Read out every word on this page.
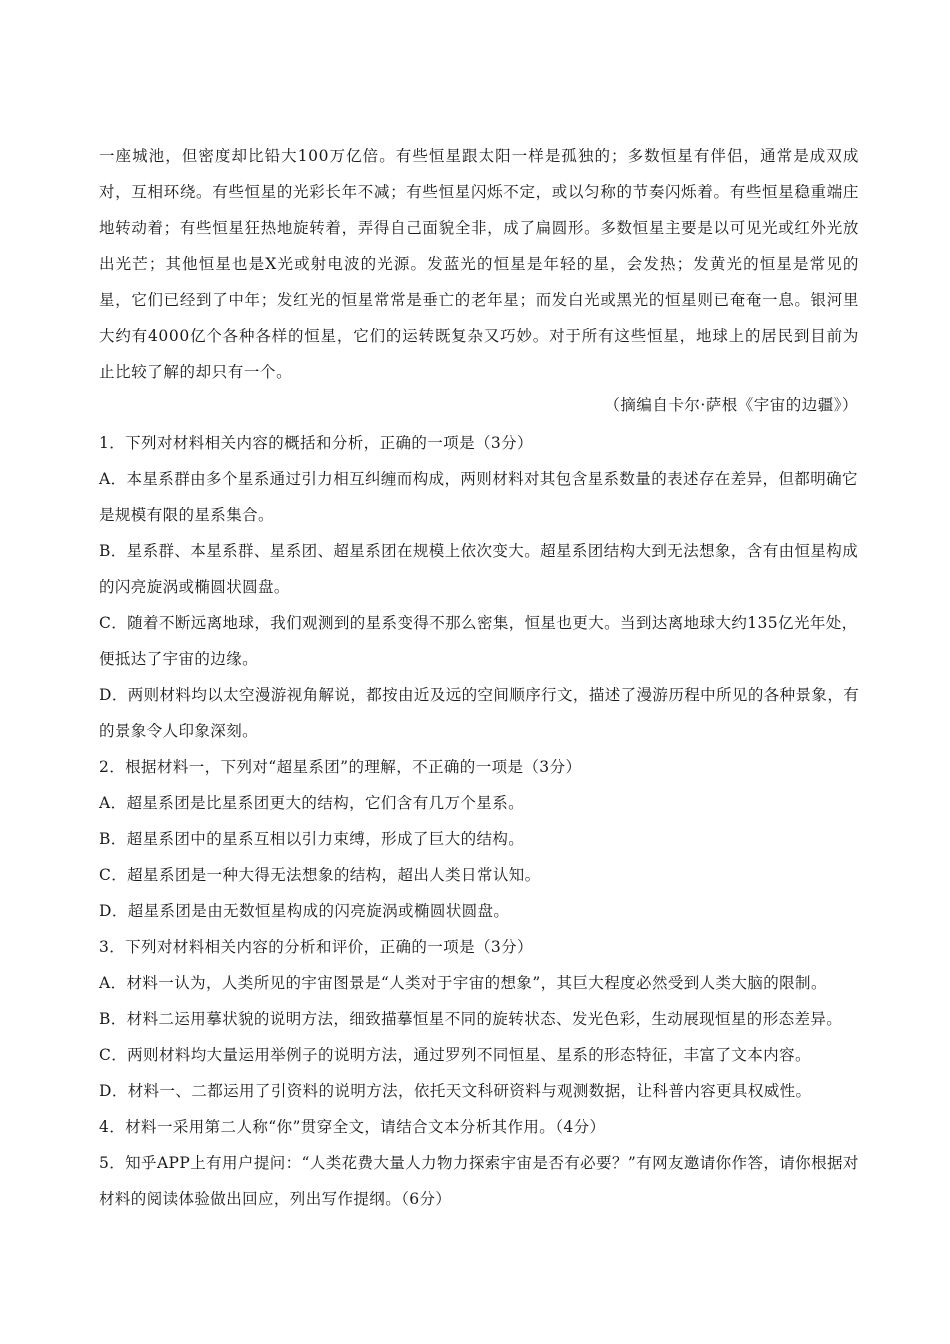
一座城池，但密度却比铅大100万亿倍。有些恒星跟太阳一样是孤独的；多数恒星有伴侣，通常是成双成对，互相环绕。有些恒星的光彩长年不减；有些恒星闪烁不定，或以匀称的节奏闪烁着。有些恒星稳重端庄地转动着；有些恒星狂热地旋转着，弄得自己面貌全非，成了扁圆形。多数恒星主要是以可见光或红外光放出光芒；其他恒星也是X光或射电波的光源。发蓝光的恒星是年轻的星，会发热；发黄光的恒星是常见的星，它们已经到了中年；发红光的恒星常常是垂亡的老年星；而发白光或黑光的恒星则已奄奄一息。银河里大约有4000亿个各种各样的恒星，它们的运转既复杂又巧妙。对于所有这些恒星，地球上的居民到目前为止比较了解的却只有一个。

（摘编自卡尔·萨根《宇宙的边疆》）

1．下列对材料相关内容的概括和分析，正确的一项是（3分）

A．本星系群由多个星系通过引力相互纠缠而构成，两则材料对其包含星系数量的表述存在差异，但都明确它是规模有限的星系集合。

B．星系群、本星系群、星系团、超星系团在规模上依次变大。超星系团结构大到无法想象，含有由恒星构成的闪亮旋涡或椭圆状圆盘。

C．随着不断远离地球，我们观测到的星系变得不那么密集，恒星也更大。当到达离地球大约135亿光年处，便抵达了宇宙的边缘。

D．两则材料均以太空漫游视角解说，都按由近及远的空间顺序行文，描述了漫游历程中所见的各种景象，有的景象令人印象深刻。

2．根据材料一，下列对“超星系团”的理解，不正确的一项是（3分）

A．超星系团是比星系团更大的结构，它们含有几万个星系。

B．超星系团中的星系互相以引力束缚，形成了巨大的结构。

C．超星系团是一种大得无法想象的结构，超出人类日常认知。

D．超星系团是由无数恒星构成的闪亮旋涡或椭圆状圆盘。

3．下列对材料相关内容的分析和评价，正确的一项是（3分）

A．材料一认为，人类所见的宇宙图景是“人类对于宇宙的想象”，其巨大程度必然受到人类大脑的限制。

B．材料二运用摹状貌的说明方法，细致描摹恒星不同的旋转状态、发光色彩，生动展现恒星的形态差异。

C．两则材料均大量运用举例子的说明方法，通过罗列不同恒星、星系的形态特征，丰富了文本内容。

D．材料一、二都运用了引资料的说明方法，依托天文科研资料与观测数据，让科普内容更具权威性。

4．材料一采用第二人称“你”贯穿全文，请结合文本分析其作用。（4分）

5．知乎APP上有用户提问：“人类花费大量人力物力探索宇宙是否有必要？”有网友邀请你作答，请你根据对材料的阅读体验做出回应，列出写作提纲。（6分）
